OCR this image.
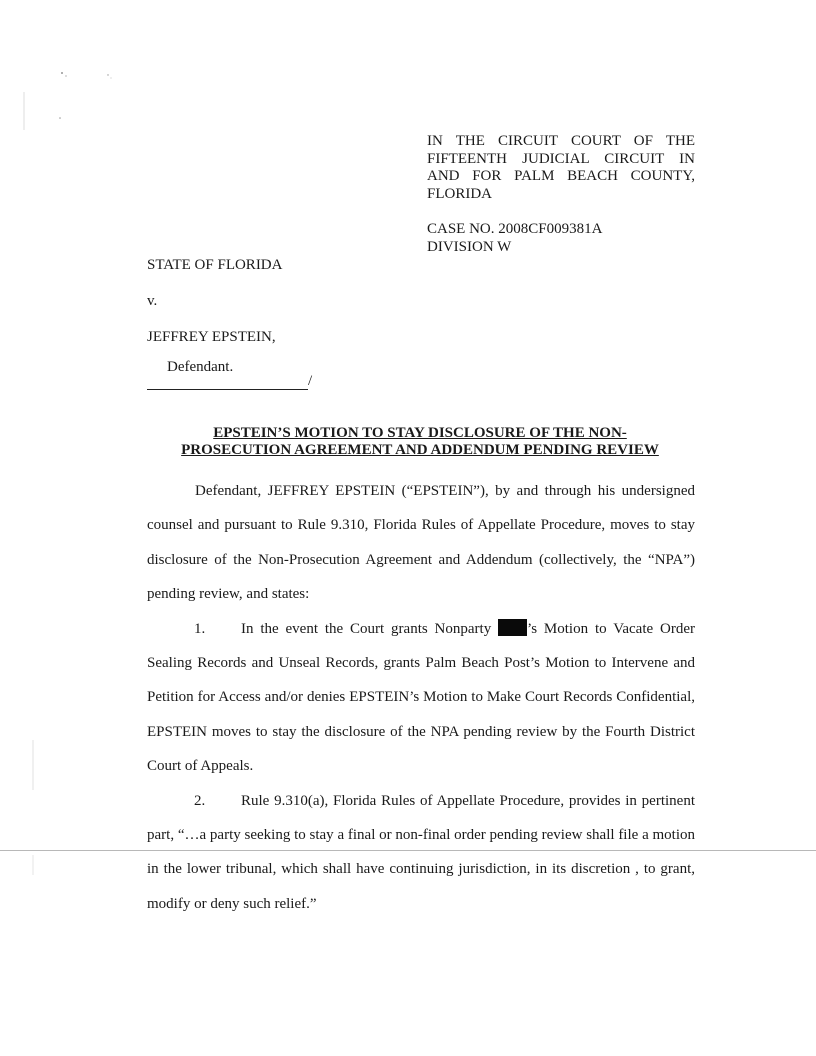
IN THE CIRCUIT COURT OF THE
FIFTEENTH JUDICIAL CIRCUIT IN
AND FOR PALM BEACH COUNTY,
FLORIDA
CASE NO. 2008CF009381A
DIVISION W
STATE OF FLORIDA
v.
JEFFREY EPSTEIN,
Defendant.
/
EPSTEIN’S MOTION TO STAY DISCLOSURE OF THE NON-
PROSECUTION AGREEMENT AND ADDENDUM PENDING REVIEW

Defendant, JEFFREY EPSTEIN (“EPSTEIN”), by and through his undersigned counsel and pursuant to Rule 9.310, Florida Rules of Appellate Procedure, moves to stay disclosure of the Non-Prosecution Agreement and Addendum (collectively, the “NPA”) pending review, and states:

1. In the event the Court grants Nonparty ’s Motion to Vacate Order Sealing Records and Unseal Records, grants Palm Beach Post’s Motion to Intervene and Petition for Access and/or denies EPSTEIN’s Motion to Make Court Records Confidential, EPSTEIN moves to stay the disclosure of the NPA pending review by the Fourth District Court of Appeals.

2. Rule 9.310(a), Florida Rules of Appellate Procedure, provides in pertinent part, “…a party seeking to stay a final or non-final order pending review shall file a motion in the lower tribunal, which shall have continuing jurisdiction, in its discretion , to grant, modify or deny such relief.”
